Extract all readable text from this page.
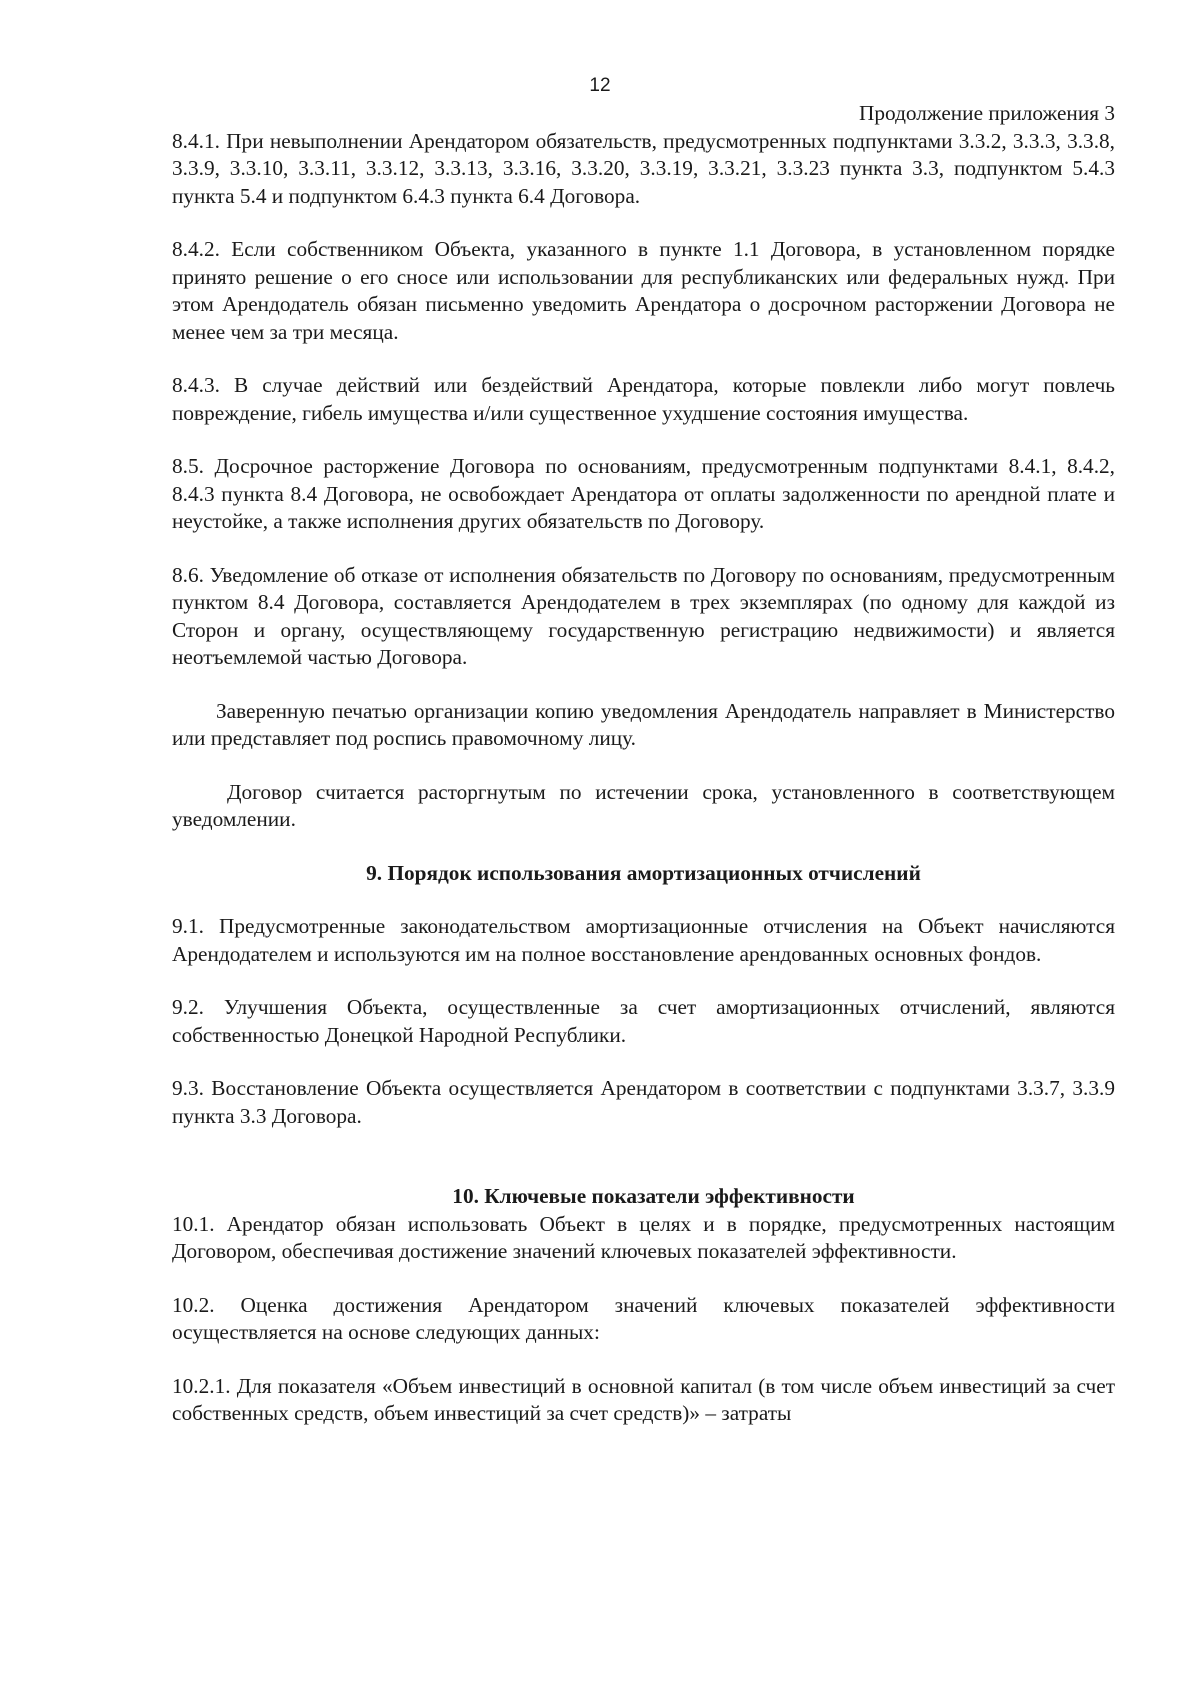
12
Продолжение приложения 3

8.4.1. При невыполнении Арендатором обязательств, предусмотренных подпунктами 3.3.2, 3.3.3, 3.3.8, 3.3.9, 3.3.10, 3.3.11, 3.3.12, 3.3.13, 3.3.16, 3.3.20, 3.3.19, 3.3.21, 3.3.23 пункта 3.3, подпунктом 5.4.3 пункта 5.4 и подпунктом 6.4.3 пункта 6.4 Договора.

8.4.2. Если собственником Объекта, указанного в пункте 1.1 Договора, в установленном порядке принято решение о его сносе или использовании для республиканских или федеральных нужд. При этом Арендодатель обязан письменно уведомить Арендатора о досрочном расторжении Договора не менее чем за три месяца.

8.4.3. В случае действий или бездействий Арендатора, которые повлекли либо могут повлечь повреждение, гибель имущества и/или существенное ухудшение состояния имущества.

8.5. Досрочное расторжение Договора по основаниям, предусмотренным подпунктами 8.4.1, 8.4.2, 8.4.3 пункта 8.4 Договора, не освобождает Арендатора от оплаты задолженности по арендной плате и неустойке, а также исполнения других обязательств по Договору.

8.6. Уведомление об отказе от исполнения обязательств по Договору по основаниям, предусмотренным пунктом 8.4 Договора, составляется Арендодателем в трех экземплярах (по одному для каждой из Сторон и органу, осуществляющему государственную регистрацию недвижимости) и является неотъемлемой частью Договора.

Заверенную печатью организации копию уведомления Арендодатель направляет в Министерство или представляет под роспись правомочному лицу.

Договор считается расторгнутым по истечении срока, установленного в соответствующем уведомлении.

9. Порядок использования амортизационных отчислений

9.1. Предусмотренные законодательством амортизационные отчисления на Объект начисляются Арендодателем и используются им на полное восстановление арендованных основных фондов.

9.2. Улучшения Объекта, осуществленные за счет амортизационных отчислений, являются собственностью Донецкой Народной Республики.

9.3. Восстановление Объекта осуществляется Арендатором в соответствии с подпунктами 3.3.7, 3.3.9 пункта 3.3 Договора.

10. Ключевые показатели эффективности

10.1. Арендатор обязан использовать Объект в целях и в порядке, предусмотренных настоящим Договором, обеспечивая достижение значений ключевых показателей эффективности.

10.2. Оценка достижения Арендатором значений ключевых показателей эффективности осуществляется на основе следующих данных:

10.2.1. Для показателя «Объем инвестиций в основной капитал (в том числе объем инвестиций за счет собственных средств, объем инвестиций за счет средств)» – затраты
